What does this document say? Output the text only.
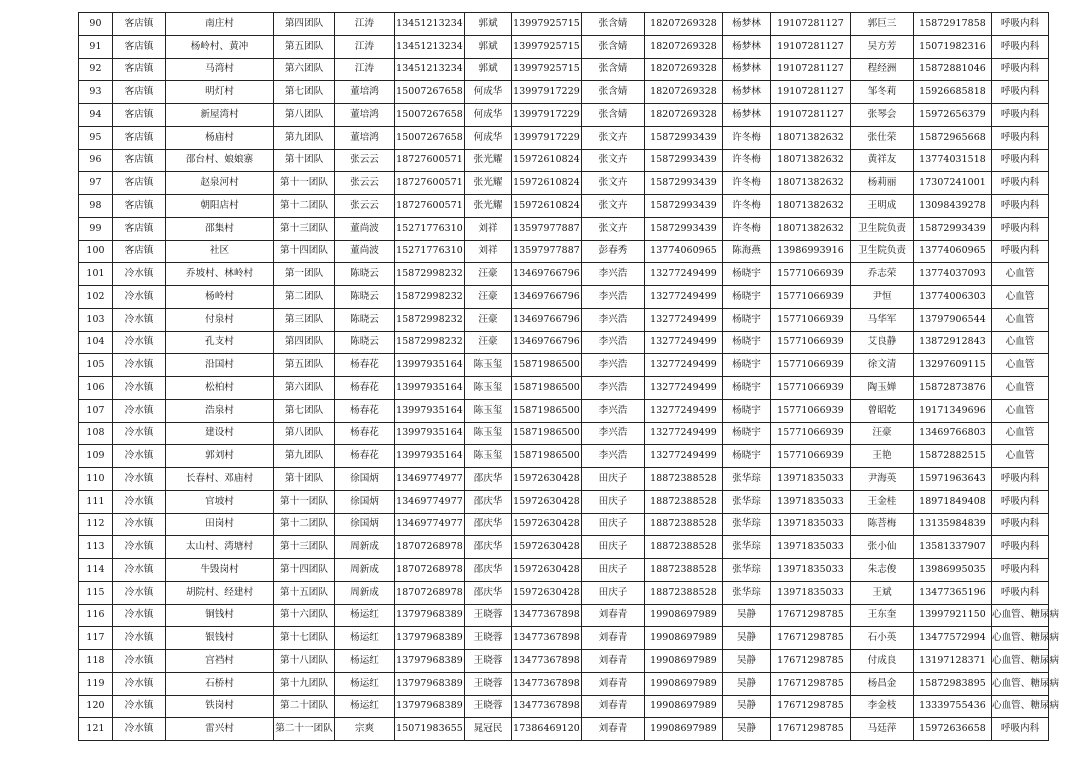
90	客店镇	南庄村	第四团队	江涛	13451213234	郭斌	13997925715	张含婧	18207269328	杨梦林	19107281127	郭巨三	15872917858	呼吸内科
91	客店镇	杨岭村、黄冲	第五团队	江涛	13451213234	郭斌	13997925715	张含婧	18207269328	杨梦林	19107281127	吴方芳	15071982316	呼吸内科
92	客店镇	马湾村	第六团队	江涛	13451213234	郭斌	13997925715	张含婧	18207269328	杨梦林	19107281127	程经洲	15872881046	呼吸内科
93	客店镇	明灯村	第七团队	董培鸿	15007267658	何成华	13997917229	张含婧	18207269328	杨梦林	19107281127	邹冬莉	15926685818	呼吸内科
94	客店镇	新屋湾村	第八团队	董培鸿	15007267658	何成华	13997917229	张含婧	18207269328	杨梦林	19107281127	张琴会	15972656379	呼吸内科
95	客店镇	杨庙村	第九团队	董培鸿	15007267658	何成华	13997917229	张文卉	15872993439	许冬梅	18071382632	张仕荣	15872965668	呼吸内科
96	客店镇	邵台村、娘娘寨	第十团队	张云云	18727600571	张光耀	15972610824	张文卉	15872993439	许冬梅	18071382632	黄祥友	13774031518	呼吸内科
97	客店镇	赵泉河村	第十一团队	张云云	18727600571	张光耀	15972610824	张文卉	15872993439	许冬梅	18071382632	杨莉丽	17307241001	呼吸内科
98	客店镇	朝阳店村	第十二团队	张云云	18727600571	张光耀	15972610824	张文卉	15872993439	许冬梅	18071382632	王明成	13098439278	呼吸内科
99	客店镇	邵集村	第十三团队	董尚波	15271776310	刘祥	13597977887	张文卉	15872993439	许冬梅	18071382632	卫生院负责	15872993439	呼吸内科
100	客店镇	社区	第十四团队	董尚波	15271776310	刘祥	13597977887	彭春秀	13774060965	陈海燕	13986993916	卫生院负责	13774060965	呼吸内科
101	冷水镇	乔坡村、林岭村	第一团队	陈晓云	15872998232	汪豪	13469766796	李兴浩	13277249499	杨晓宇	15771066939	乔志荣	13774037093	心血管
102	冷水镇	杨岭村	第二团队	陈晓云	15872998232	汪豪	13469766796	李兴浩	13277249499	杨晓宇	15771066939	尹恒	13774006303	心血管
103	冷水镇	付泉村	第三团队	陈晓云	15872998232	汪豪	13469766796	李兴浩	13277249499	杨晓宇	15771066939	马华军	13797906544	心血管
104	冷水镇	孔支村	第四团队	陈晓云	15872998232	汪豪	13469766796	李兴浩	13277249499	杨晓宇	15771066939	艾良静	13872912843	心血管
105	冷水镇	沿国村	第五团队	杨春花	13997935164	陈玉玺	15871986500	李兴浩	13277249499	杨晓宇	15771066939	徐文清	13297609115	心血管
106	冷水镇	松柏村	第六团队	杨春花	13997935164	陈玉玺	15871986500	李兴浩	13277249499	杨晓宇	15771066939	陶玉婵	15872873876	心血管
107	冷水镇	浩泉村	第七团队	杨春花	13997935164	陈玉玺	15871986500	李兴浩	13277249499	杨晓宇	15771066939	曾昭乾	19171349696	心血管
108	冷水镇	建设村	第八团队	杨春花	13997935164	陈玉玺	15871986500	李兴浩	13277249499	杨晓宇	15771066939	汪豪	13469766803	心血管
109	冷水镇	郭刘村	第九团队	杨春花	13997935164	陈玉玺	15871986500	李兴浩	13277249499	杨晓宇	15771066939	王艳	15872882515	心血管
110	冷水镇	长春村、邓庙村	第十团队	徐国炳	13469774977	邵庆华	15972630428	田庆子	18872388528	张华琮	13971835033	尹海英	15971963643	呼吸内科
111	冷水镇	官坡村	第十一团队	徐国炳	13469774977	邵庆华	15972630428	田庆子	18872388528	张华琮	13971835033	王金桂	18971849408	呼吸内科
112	冷水镇	田岗村	第十二团队	徐国炳	13469774977	邵庆华	15972630428	田庆子	18872388528	张华琮	13971835033	陈菩梅	13135984839	呼吸内科
113	冷水镇	太山村、湾塘村	第十三团队	周新成	18707268978	邵庆华	15972630428	田庆子	18872388528	张华琮	13971835033	张小仙	13581337907	呼吸内科
114	冷水镇	牛毁岗村	第十四团队	周新成	18707268978	邵庆华	15972630428	田庆子	18872388528	张华琮	13971835033	朱志俊	13986995035	呼吸内科
115	冷水镇	胡院村、经建村	第十五团队	周新成	18707268978	邵庆华	15972630428	田庆子	18872388528	张华琮	13971835033	王斌	13477365196	呼吸内科
116	冷水镇	铜钱村	第十六团队	杨运红	13797968389	王晓蓉	13477367898	刘春青	19908697989	吴静	17671298785	王东奎	13997921150	心血管、糖尿病
117	冷水镇	银钱村	第十七团队	杨运红	13797968389	王晓蓉	13477367898	刘春青	19908697989	吴静	17671298785	石小英	13477572994	心血管、糖尿病
118	冷水镇	宫裆村	第十八团队	杨运红	13797968389	王晓蓉	13477367898	刘春青	19908697989	吴静	17671298785	付成良	13197128371	心血管、糖尿病
119	冷水镇	石桥村	第十九团队	杨运红	13797968389	王晓蓉	13477367898	刘春青	19908697989	吴静	17671298785	杨昌金	15872983895	心血管、糖尿病
120	冷水镇	铁岗村	第二十团队	杨运红	13797968389	王晓蓉	13477367898	刘春青	19908697989	吴静	17671298785	李金枝	13339755436	心血管、糖尿病
121	冷水镇	雷兴村	第二十一团队	宗爽	15071983655	晁冠民	17386469120	刘春青	19908697989	吴静	17671298785	马廷萍	15972636658	呼吸内科
